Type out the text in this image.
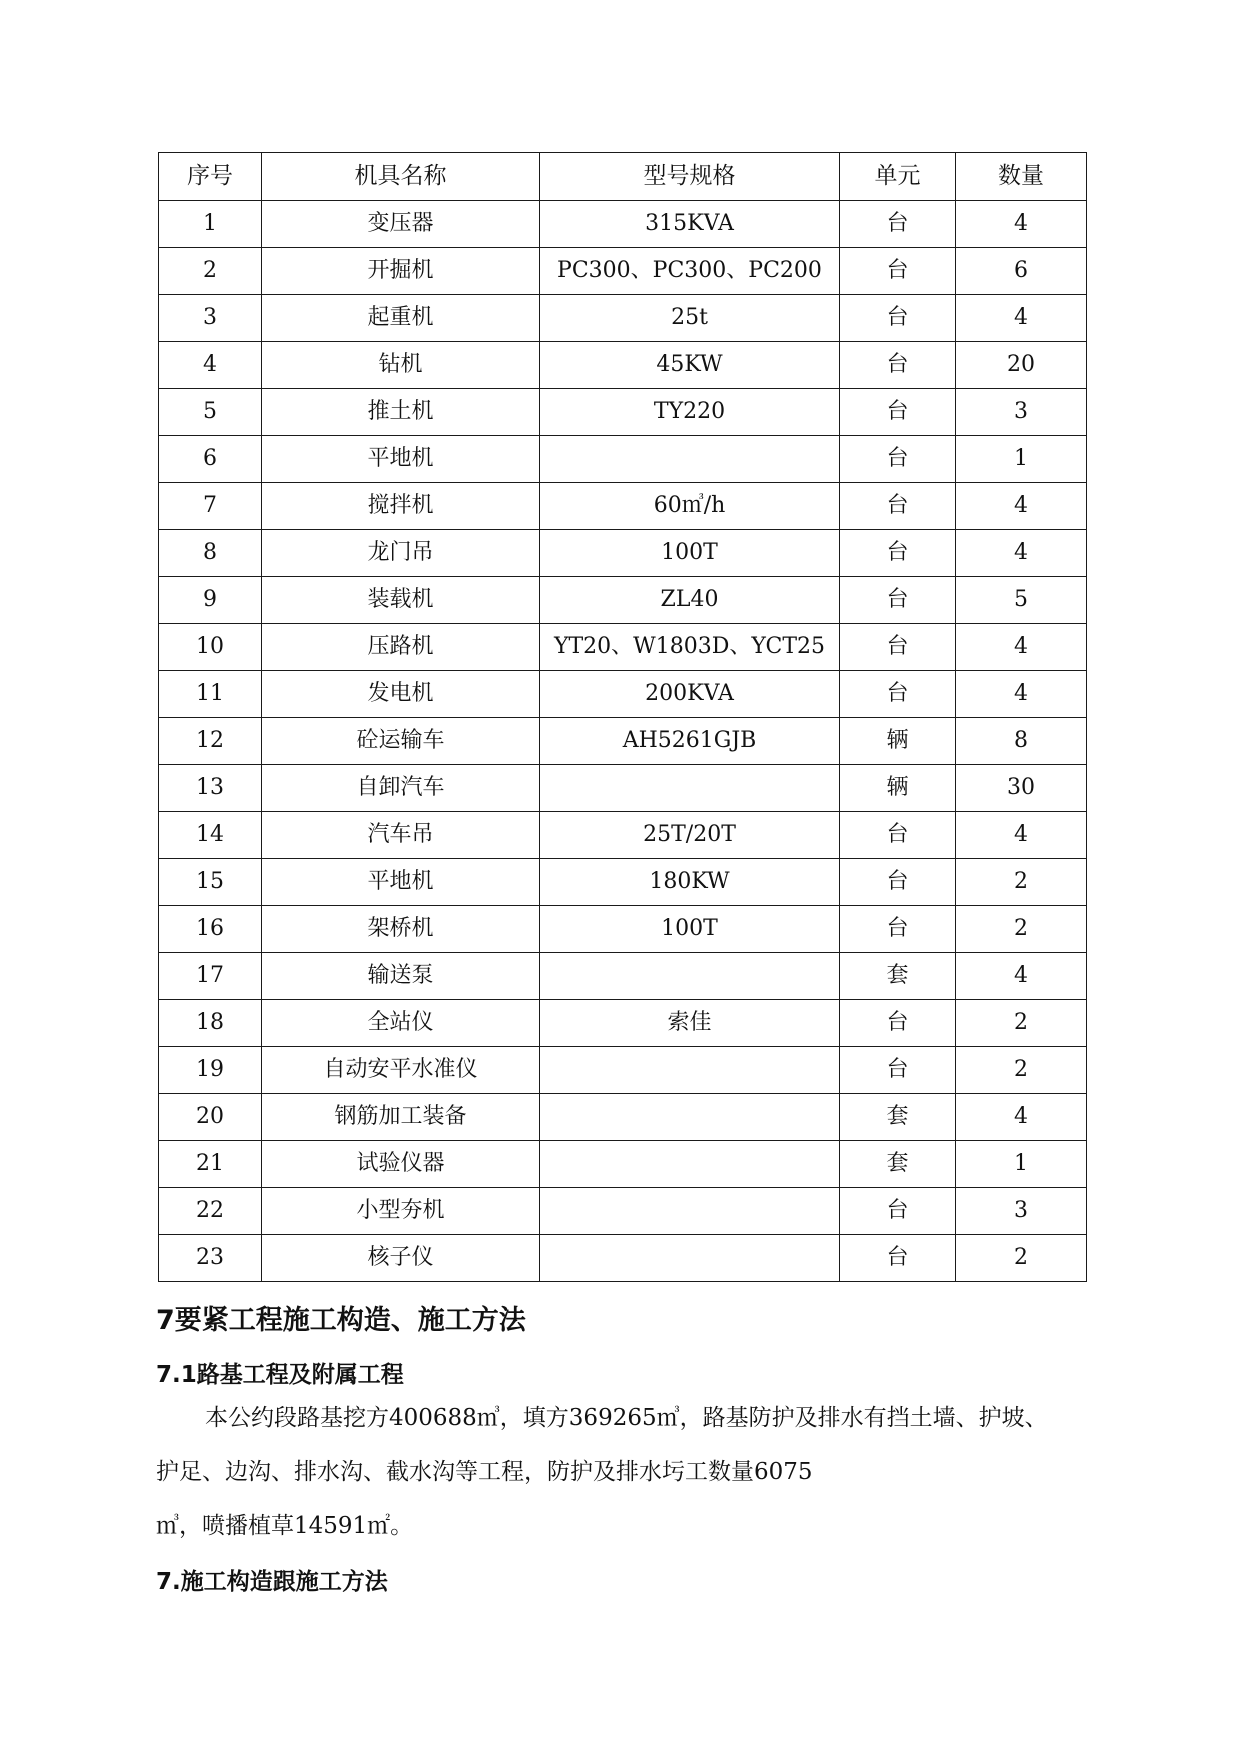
序号	机具名称	型号规格	单元	数量
1	变压器	315KVA	台	4
2	开掘机	PC300、PC300、PC200	台	6
3	起重机	25t	台	4
4	钻机	45KW	台	20
5	推土机	TY220	台	3
6	平地机		台	1
7	搅拌机	60㎥/h	台	4
8	龙门吊	100T	台	4
9	装载机	ZL40	台	5
10	压路机	YT20、W1803D、YCT25	台	4
11	发电机	200KVA	台	4
12	砼运输车	AH5261GJB	辆	8
13	自卸汽车		辆	30
14	汽车吊	25T/20T	台	4
15	平地机	180KW	台	2
16	架桥机	100T	台	2
17	输送泵		套	4
18	全站仪	索佳	台	2
19	自动安平水准仪		台	2
20	钢筋加工装备		套	4
21	试验仪器		套	1
22	小型夯机		台	3
23	核子仪		台	2
7要紧工程施工构造、施工方法
7.1路基工程及附属工程

本公约段路基挖方400688㎥，填方369265㎥，路基防护及排水有挡土墙、护坡、

护足、边沟、排水沟、截水沟等工程，防护及排水圬工数量6075

㎥，喷播植草14591㎡。

7.施工构造跟施工方法
